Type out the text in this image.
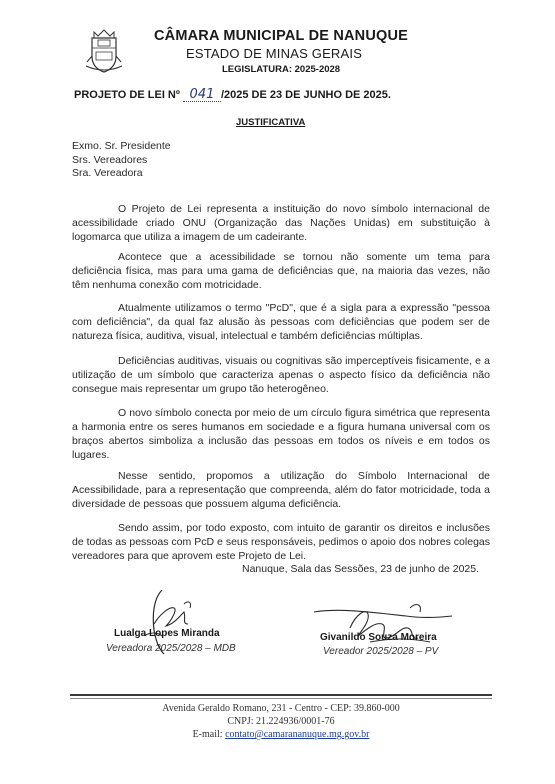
CÂMARA MUNICIPAL DE NANUQUE
ESTADO DE MINAS GERAIS
LEGISLATURA: 2025-2028
PROJETO DE LEI Nº 041 /2025 DE 23 DE JUNHO DE 2025.
JUSTIFICATIVA
Exmo. Sr. Presidente
Srs. Vereadores
Sra. Vereadora

O Projeto de Lei representa a instituição do novo símbolo internacional de acessibilidade criado ONU (Organização das Nações Unidas) em substituição à logomarca que utiliza a imagem de um cadeirante.

Acontece que a acessibilidade se tornou não somente um tema para deficiência física, mas para uma gama de deficiências que, na maioria das vezes, não têm nenhuma conexão com motricidade.

Atualmente utilizamos o termo "PcD", que é a sigla para a expressão "pessoa com deficiência", da qual faz alusão às pessoas com deficiências que podem ser de natureza física, auditiva, visual, intelectual e também deficiências múltiplas.

Deficiências auditivas, visuais ou cognitivas são imperceptíveis fisicamente, e a utilização de um símbolo que caracteriza apenas o aspecto físico da deficiência não consegue mais representar um grupo tão heterogêneo.

O novo símbolo conecta por meio de um círculo figura simétrica que representa a harmonia entre os seres humanos em sociedade e a figura humana universal com os braços abertos simboliza a inclusão das pessoas em todos os níveis e em todos os lugares.

Nesse sentido, propomos a utilização do Símbolo Internacional de Acessibilidade, para a representação que compreenda, além do fator motricidade, toda a diversidade de pessoas que possuem alguma deficiência.

Sendo assim, por todo exposto, com intuito de garantir os direitos e inclusões de todas as pessoas com PcD e seus responsáveis, pedimos o apoio dos nobres colegas vereadores para que aprovem este Projeto de Lei.

Nanuque, Sala das Sessões, 23 de junho de 2025.
Lualga Lopes Miranda
Vereadora 2025/2028 – MDB
Givanildo Souza Moreira
Vereador 2025/2028 – PV
Avenida Geraldo Romano, 231 - Centro - CEP: 39.860-000
CNPJ: 21.224936/0001-76
E-mail: contato@camarananuque.mg.gov.br
